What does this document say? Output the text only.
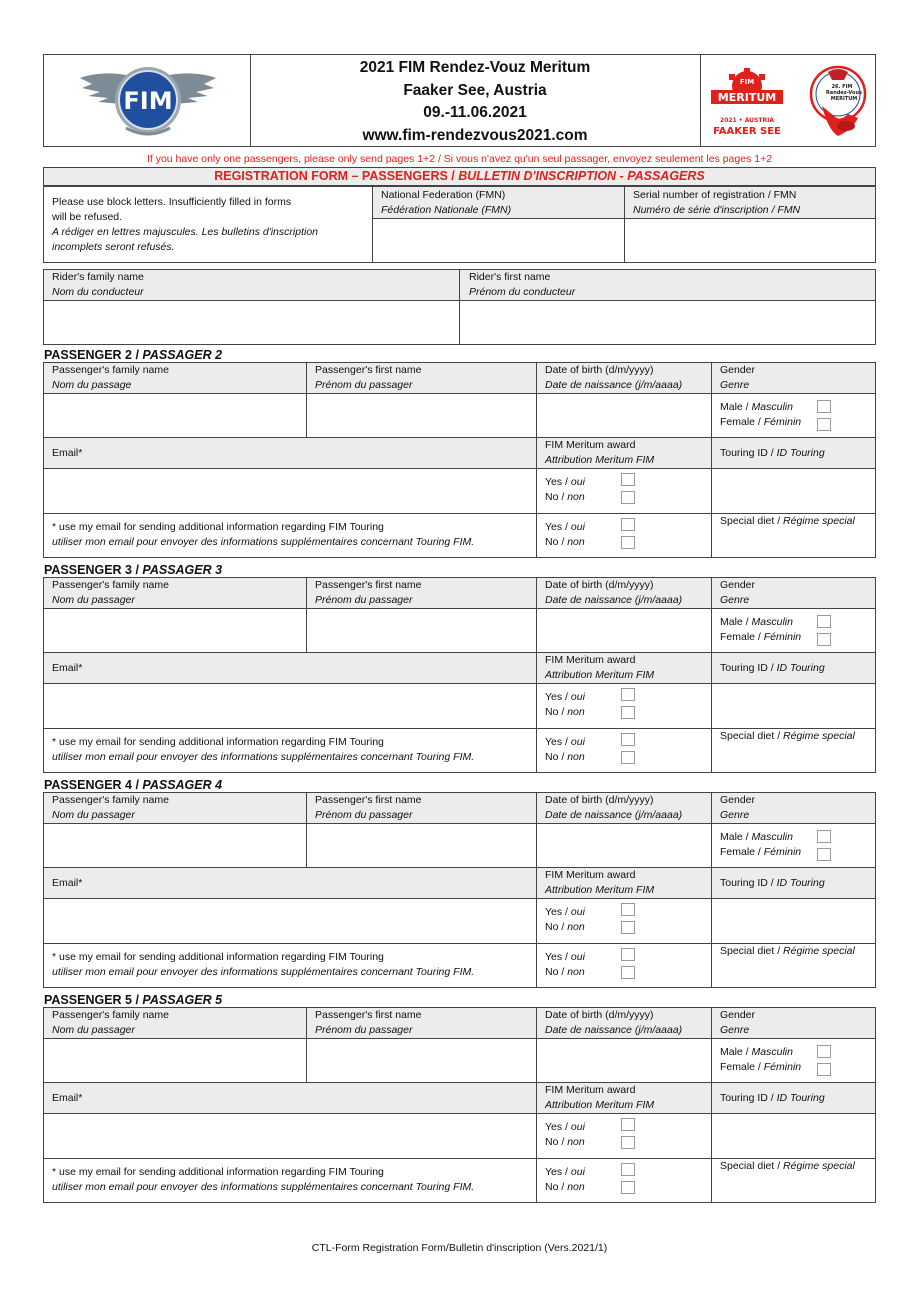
FIM
2021 FIM Rendez-Vouz Meritum
Faaker See, Austria
09.-11.06.2021
www.fim-rendezvous2021.com
FIM
MERITUM
2021 • AUSTRIA
FAAKER SEE
26. FIM
Rendez-Vous
MERITUM
If you have only one passengers, please only send pages 1+2 / Si vous n'avez qu'un seul passager, envoyez seulement les pages 1+2
REGISTRATION FORM – PASSENGERS / BULLETIN D'INSCRIPTION - PASSAGERS
Please use block letters. Insufficiently filled in forms
will be refused.
A rédiger en lettres majuscules. Les bulletins d'inscription
incomplets seront refusés.
National Federation (FMN)
Fédération Nationale (FMN)
Serial number of registration / FMN
Numéro de série d'inscription / FMN
Rider's family name
Nom du conducteur
Rider's first name
Prénom du conducteur
PASSENGER 2 / PASSAGER 2
Passenger's family name
Nom du passage
Passenger's first name
Prénom du passager
Date of birth (d/m/yyyy)
Date de naissance (j/m/aaaa)
Gender
Genre
Male / Masculin
Female / Féminin
Email*
FIM Meritum award
Attribution Meritum FIM
Touring ID / ID Touring
Yes / oui
No / non
* use my email for sending additional information regarding FIM Touring
utiliser mon email pour envoyer des informations supplémentaires concernant Touring FIM.
Yes / oui
No / non
Special diet / Régime special
PASSENGER 3 / PASSAGER 3
Passenger's family name
Nom du passager
Passenger's first name
Prénom du passager
Date of birth (d/m/yyyy)
Date de naissance (j/m/aaaa)
Gender
Genre
Male / Masculin
Female / Féminin
Email*
FIM Meritum award
Attribution Meritum FIM
Touring ID / ID Touring
Yes / oui
No / non
* use my email for sending additional information regarding FIM Touring
utiliser mon email pour envoyer des informations supplémentaires concernant Touring FIM.
Yes / oui
No / non
Special diet / Régime special
PASSENGER 4 / PASSAGER 4
Passenger's family name
Nom du passager
Passenger's first name
Prénom du passager
Date of birth (d/m/yyyy)
Date de naissance (j/m/aaaa)
Gender
Genre
Male / Masculin
Female / Féminin
Email*
FIM Meritum award
Attribution Meritum FIM
Touring ID / ID Touring
Yes / oui
No / non
* use my email for sending additional information regarding FIM Touring
utiliser mon email pour envoyer des informations supplémentaires concernant Touring FIM.
Yes / oui
No / non
Special diet / Régime special
PASSENGER 5 / PASSAGER 5
Passenger's family name
Nom du passager
Passenger's first name
Prénom du passager
Date of birth (d/m/yyyy)
Date de naissance (j/m/aaaa)
Gender
Genre
Male / Masculin
Female / Féminin
Email*
FIM Meritum award
Attribution Meritum FIM
Touring ID / ID Touring
Yes / oui
No / non
* use my email for sending additional information regarding FIM Touring
utiliser mon email pour envoyer des informations supplémentaires concernant Touring FIM.
Yes / oui
No / non
Special diet / Régime special
CTL-Form Registration Form/Bulletin d'inscription (Vers.2021/1)
